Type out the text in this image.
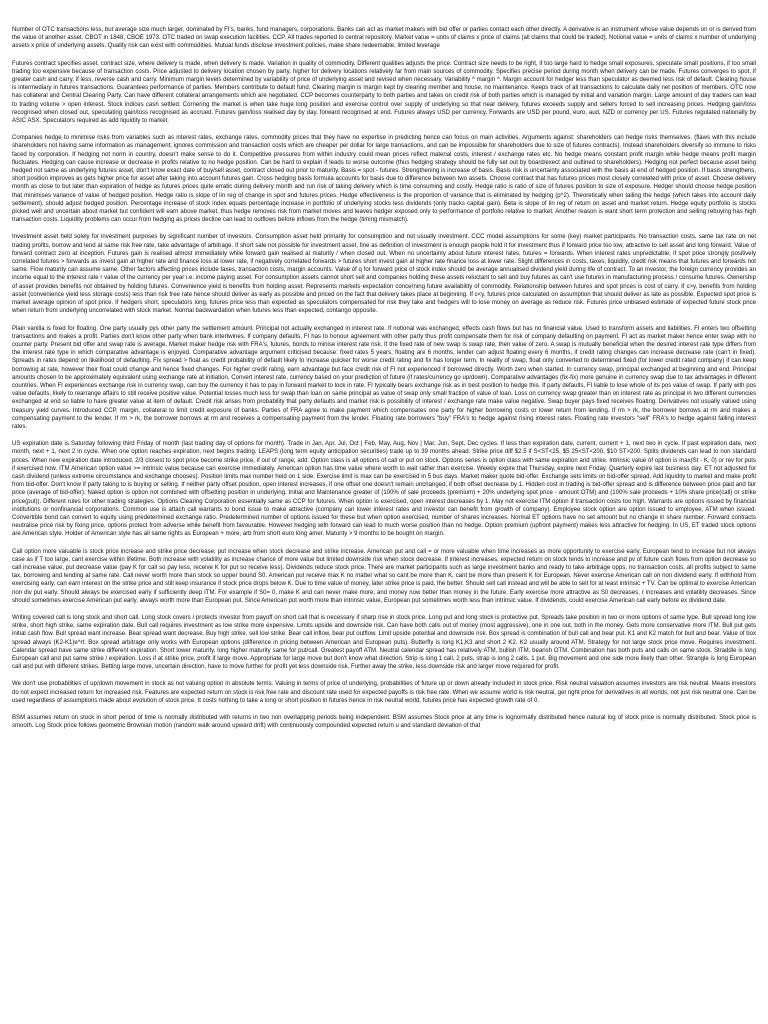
Number of OTC transactions less, but average size much larger, dominated by FI's, banks, fund managers, corporations. Banks can act as market makers with bid offer or parties contact each other directly. A derivative is an instrument whose value depends on or is derived from the value of another asset. CBOT in 1848, CBOE 1973. OTC traded on swap execution facilities. CCP. All trades reported to central repository. Market value = units of claims x price of claims (all claims that could be traded). Notional value = units of claims x number of underlying assets x price of underlying assets. Quality risk can exist with commodities. Mutual funds disclose investment policies, make share redeemable, limited leverage

Futures contract specifies asset, contract size, where delivery is made, when delivery is made. Variation in quality of commodity. Different qualities adjusts the price. Contract size needs to be right, if too large hard to hedge small exposures, speculate small positions, if too small trading too expensive because of transaction costs. Price adjusted to delivery location chosen by party, higher for delivery locations relatively far from main sources of commodity. Specifies precise period during month when delivery can be made. Futures converges to spot, if greater cash and carry, if less, reverse cash and carry. Minimum margin levels determined by variability of price of underlying asset and revised when necessary. Variability ^ margin ^. Margin account for hedger less than speculator as deemed less risk of default. Clearing house is intermediary in futures transactions. Guarantees performance of parties. Members contribute to default fund. Clearing margin is margin kept by clearing member and house, no maintenance. Keeps track of all transactions to calculate daily net position of members. OTC now has collateral and Central Clearing Party. Can have different collateral arrangements which are negotiated. CCP becomes counterparty to both parties and takes on credit risk of both parties which is managed by initial and variation margin. Large amount of day traders can lead to trading volume > open interest. Stock indices cash settled. Cornering the market is when take huge long position and exercise control over supply of underlying so that near delivery, futures exceeds supply and sellers forced to sell increasing prices. Hedging gain/loss recognised when closed out, speculating gain/loss recognised as accrued. Futures gain/loss realised day by day, forward recognised at end. Futures always USD per currency. Forwards are USD per pound, euro, aud, NZD or currency per US. Futures regulated nationally by ASIC ASX. Speculators required as add liquidity to market.

Companies hedge to minimise risks from variables such as interest rates, exchange rates, commodity prices that they have no expertise in predicting hence can focus on main activities. Arguments against: shareholders can hedge risks themselves. (flaws with this include shareholders not having same information as management; ignores commission and transaction costs which are cheaper per dollar for large transactions, and can be impossible for shareholders due to size of futures contracts). Instead shareholders diversify so immune to risks faced by corporation. If hedging not norm in country, doesn't make sense to do it. Competitive pressures from within industry could mean prices reflect material costs, interest / exchange rates etc. No hedge means constant profit margin while hedge means profit margin fluctuates. Hedging can cause increase or decrease in profits relative to no hedge position. Can be hard to explain if leads to worse outcome (thus hedging strategy should be fully set out by board/exect and outlined to shareholders). Hedging not perfect because asset being hedged not same as underlying futures asset, don't know exact date of buy/sell asset, contract closed out prior to maturity. Basis = spot - futures. Strengthening is increase of basis. Basis risk is uncertainty associated with the basis at end of hedged position. If basis strengthens, short position improves as gets higher price for asset after taking into account futures gain. Cross hedging basis formula accounts for basis due to difference between two assets. Choose contract that has futures prices most closely correlated with price of asset. Choose delivery month as close to but later than expiration of hedge as futures prices quite erratic during delivery month and run risk of taking delivery which is time consuming and costly. Hedge ratio is ratio of size of futures position to size of exposure. Hedger should choose hedge position that minimises variance of value of hedged position. Hedge ratio is slope of lin reg of change in spot and futures prices. Hedge effectiveness is the proportion of variance that is eliminated by hedging (p^2). Theoretically when tailing the hedge (which takes into account daily settlement), should adjust hedged position. Percentage increase of stock index equals percentage increase in portfolio of underlying stocks less dividends (only tracks capital gain). Beta is slope of lin reg of return on asset and market return. Hedge equity portfolio is stocks picked well and uncertain about market but confident will earn above market, thus hedge removes risk from market moves and leaves hedger exposed only to performance of portfolio relative to market. Another reason is want short term protection and selling rebuying has high transaction costs. Liquidity problems can occur from hedging as prices decline can lead to outflows before inflows from the hedge (timing mismatch).

Investment asset held solely for investment purposes by significant number of investors. Consumption asset held primarily for consumption and not usually investment. CCC model assumptions for some (key) market participants. No transaction costs, same tax rate on net trading profits, borrow and lend at same risk free rate, take advantage of arbitrage. If short sale not possible for investment asset, fine as definition of investment is enough people hold it for investment thus if forward price too low, attractive to sell asset and long forward. Value of forward contract zero at inception. Futures gain is realised almost immediately while forward gain realised at maturity / when closed out. When no uncertainty about future interest rates, futures = forwards. When interest rates unpredictable, if spot price strongly positively correlated futures > forwards as invest gain at higher rate and finance loss at lower rate, if negatively correlated forwards > futures short invest gain at higher rate finance loss at lower rate. Slight differences in costs, taxes, liquidity, credit risk means that futures and forwards not same. Flow maturity can assume same. Other factors affecting prices include taxes, transaction costs, margin accounts. Value of q for forward price of stock index should be average annualised dividend yield during life of contract. To an investor, the foreign currency provides an income equal to the interest rate r value of the currency per year i.e. income paying asset. For consumption assets cannot short sell and companies holding these assets reluctant to sell and buy futures as can't use futures in manufacturing process / consume futures. Ownership of asset provides benefits not obtained by holding futures. Convenience yield is benefits from holding asset. Represents markets expectation concerning future availability of commodity. Relationship between futures and spot prices is cost of carry. If c>y, benefits from holding asset (convenience yield less storage costs) less than risk free rate hence should deliver as early as possible and priced on the fact that delivery takes place at beginning. If c<y, futures price calculated on assumption that should deliver as late as possible. Expected spot price is market average opinion of spot price. If hedgers short, speculators long, futures price less than expected as speculators compensated for risk they take and hedgers will to lose money on average as reduce risk. Futures price unbiased estimate of expected future stock price when return from underlying uncorrelated with stock market. Normal backwardation when futures less than expected, contango opposite.

Plain vanilla is fixed for floating. One party usually pys other party the settlement amount. Principal not actually exchanged in interest rate. If notional was exchanged, effects cash flows but has no financial value. Used to transform assets and liabilities. FI enters two offsetting transactions and makes a profit. Parties don't know other party when bank intertwines. If company defaults, FI has to honour agreement with other party thus profit compensate them for risk of company defaulting on payment. FI act as market maker hence enter swap with no counter party. Present bid offer and swap rate is average. Market maker hedge risk with FRA's, futures, bonds to minise interest rate risk. If the fixed rate of new swap is swap rate, then value of zero. A swap is mutually beneficial when the desired interest rate type differs from the interest rate type in which comparative advantage is enjoyed. Comparative advantage argument criticised because: fixed rates 5 years, floating are 6 months, lender can adjust floating every 6 months, if credit rating changes can increase decrease rate (can't in fixed). Spreads in rates depend on likelihood of defaulting. Fix spread > float as credit probability of default likely to increase quicker for worse credit rating and fix has longer term. In reality of swap, float only converted to determined fixed (for lower credit rated company) if can keep borrowing at rate, however their float could change and hence fixed changes. For higher credit rating, earn advantage but face credit risk of FI not experienced if borrowed directly. Worth zero when started. In currency swap, principal exchanged at beginning and end. Principal amounts chosen to be approximately equivalent using exchange rate at initiation. Convert interest rate, currency based on your prediction of future (if rates/currency go up/down). Comparative advantages (fix-fix) more genuine in currency swap due to tax advantages in different countries. When FI experiences exchange risk in currency swap, can buy the currency it has to pay in forward market to lock in rate. FI typically bears exchange risk as in best position to hedge this. If party defaults, FI liable to lose whole of its pos value of swap. If party with pos value defaults, likely to rearrange affairs to still receive positive value. Potential losses much less for swap than loan on same principal as value of swap only small fraction of value of loan. Loss on currency swap greater than on interest rate as principal in two different currencies exchanged at end so liable to have greater value at item of default. Credit risk arises from probability that party defaults and market risk is possibility of interest / exchange rate make value negative. Swap buyer pays fixed receives floating. Derivatives not usually valued using treasury yield curves. Introduced CCP, margin, collateral to limit credit exposure of banks. Parties of FRA agree to make payment which compensates one party for higher borrowing costs or lower return from lending. If rm > rk, the borrower borrows at rm and makes a compensating payment to the lender. If rm > rk, the borrower borrows at rm and receives a compensating payment from the lender. Floating rate borrowers "buy" FRA's to hedge against rising interest rates. Floating rate investors "sell" FRA's to hedge against falling interest rates.

US expiration date is Saturday following third Friday of month (last trading day of options for month). Trade in Jan, Apr, Jul, Oct | Feb, May, Aug, Nov | Mar, Jun, Sept, Dec cycles. If less than expiration date, current, current + 1, next two in cycle. If past expiration date, next month, next + 1, next 2 in cycle. When one option reaches expiration, next begins trading. LEAPS (long term equity anticipation securities) trade up to 39 months ahead. Strike price diff $2.5 if S<ST<25, $5 25<ST<200, $10 ST>200. Splits dividends can lead to non standard prices. When new expiration date introduced, 2/3 closest to spot price become strike price, if out of range, add. Option class is all options of call or put on stock. Options series is option class with same expiration and strike. Intrinsic value of option is max(St - K, 0) or rev for puts if exercised now. ITM American option value >= intrinsic value because can exercise immediately. American option has time value where worth to wait rather than exercise. Weekly expire that Thursday, expire next Friday. Quarterly expire last business day. ET not adjusted for cash dividend (unless extreme circumstance and exchange chooses). Position limits max number held on 1 side. Exercise limit is max can be exercised in 5 bus days. Market maker quote bid-offer. Exchange sets limits on bid-offer spread. Add liquidity to market and make profit from bid-offer. Don't know if party taking to is buying or selling. If neither party offset position, open interest increases, if one offset one doesn't remain unchanged, if both offset decrease by 1. Hidden cost in trading is bid-offer spread and is difference between price paid and fair price (average of bid-offer). Naked option is option not combined with offsetting position in underlying. Initial and Maintenance greater of (100% of sale proceeds (premium) + 20% underlying spot price - amount OTM) and (100% sale proceeds + 10% share price(call) or strike price(put)). Different rules for other trading strategies. Options Clearing Corporation essentially same as CCP for futures. When option is exercised, open interest decreases by 1. May not exercise ITM option if transaction costs too high. Warrants are options issued by financial institutions or nonfinancial corporations. Common use is attach call warrants to bond issue to make attractive (company can lower interest rates and investor can benefit from growth of company). Employee stock option are option issued to employee, ATM when issued. Convertible bond can convert to equity using predetermined exchange ratio. Predetermined number of options issued for these but when option exercised, number of shares increases. Normal ET options have no set amount but no change in share number. Forward contracts neutralise price risk by fixing price, options protect from adverse while benefit from favourable. However hedging with forward can lead to much worse position than no hedge. Option premium (upfront payment) makes less attractive for hedging. In US, ET traded stock options are American style. Holder of American style has all same rights as European + more, arb from short euro long amer. Maturity > 9 months to be bought on margin.

Call option more valuable is stock price increase and strike price decrease, put increase when stock decrease and strike increase. American put and call = or more valuable when time increases as more opportunity to exercise early. European tend to increase but not always case as if T too large, cant exercise within lifetime. Both increase with volatility as increase chance of more value but limited downside risk when stock decrease. If interest increases, expected return on stock tends to increase and pv of future cash flows from option decrease so call increase value, put decrease value (pay K for call so pay less, receive K for put so receive less). Dividends reduce stock price. There are market participants such as large investment banks and ready to take arbitrage opps, no transaction costs, all profits subject to same tax, borrowing and lending at same rate. Call never worth more than stock so upper bound S0. American put receive max K no matter what so cant be more than K, cant be more than present K for European. Never exercise American call on non dividend early. If withhold from exercising early, can earn interest on the strike price and still keep insurance if stock price drops below K. Due to time value of money, later strike price is paid, the better. Should sell call instead and will be able to sell for at least intrinsic + TV. Can be optimal to exercise American non div put early. Should always be exercised early if sufficiently deep ITM. For example if S0= 0, make K and can never make more, and money now better than money in the future. Early exercise more attractive as S0 decreases, r increases and volatility decreases. Since should sometimes exercise American put early, always worth more than European put. Since American put worth more than intrinsic value, European put sometimes worth less than intrinsic value. If dividends, could exercise American call early before ex dividend date.

Writing covered call is long stock and short call. Long stock covers / protects investor from payoff on short call that is necessary if sharp rise in stock price. Long put and long stock is protective put. Spreads take position in two or more options of same type. Bull spread long low strike, short high strike, same expiration date. Bull call requires investment as low strike more expensive. Limits upside and downside risk. Can have both calls out of money (most aggressive), one in one out, both in the money. Gets more conservative more ITM. Bull put gets initial cash flow. Bull spread want increase. Bear spread want decrease. Buy high strike, sell low strike. Bear call inflow, bear put outflow. Limit upside potential and downside risk. Box spread is combination of bull call and bear put. K1 and K2 match for bull and bear. Value of box spread always (K2-K1)e^rt. Box spread arbitrage only works with European options (difference in pricing between American and European puts). Butterfly is long K1,K3 and short 2 K2. K2 usually around ATM. Strategy for not large stock price move. Requires investment. Calendar spread have same strike different expiration. Short lower maturity, long higher maturity same for put/call. Greatest payoff ATM. Neutral calendar spread has relatively ATM, bullish ITM, bearish OTM. Combination has both puts and calls on same stock. Straddle is long European call and put same strike / expiration. Loss if at strike price, profit if large move. Appropriate for large move but don't know what direction. Strip is long 1 call, 2 puts, strap is long 2 calls, 1 put. Big movement and one side more likely than other. Strangle is long European call and put with different strikes. Betting large move, uncertain direction, have to move further for profit yet less downside risk. Further away the strike, less downside risk and larger move required for profit.

We don't use probabilities of up/down movement in stock as not valuing option in absolute terms. Valuing in terms of price of underlying, probabilities of future up or down already included in stock price. Risk neutral valuation assumes investors are risk neutral. Means investors do not expect increased return for increased risk. Features are expected return on stock is risk free rate and discount rate used for expected payoffs is risk free rate. When we assume world is risk neutral, get right price for derivatives in all worlds, not just risk neutral one. Can be used regardless of assumptions made about evolution of stock price. It costs nothing to take a long or short position in futures hence in risk neutral world, futures price has expected growth rate of 0.

BSM assumes return on stock in short period of time is normally distributed with returns in two non overlapping periods being independent. BSM assumes Stock price at any time is lognormally distributed hence natural log of stock price is normally distributed. Stock price is smooth. Log Stock price follows geometric Brownian motion (random walk around upward drift) with continuously compounded expected return u and standard deviation of that
